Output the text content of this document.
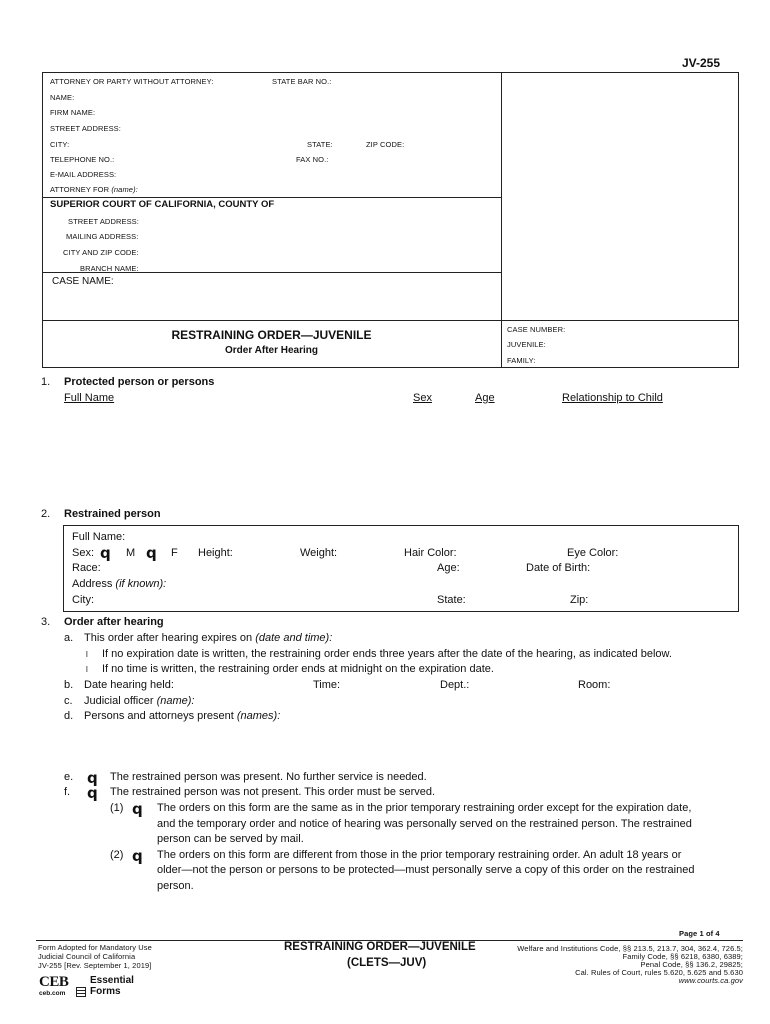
JV-255
ATTORNEY OR PARTY WITHOUT ATTORNEY:	STATE BAR NO.:
NAME:
FIRM NAME:
STREET ADDRESS:
CITY:	STATE:	ZIP CODE:
TELEPHONE NO.:	FAX NO.:
E-MAIL ADDRESS:
ATTORNEY FOR (name):
SUPERIOR COURT OF CALIFORNIA, COUNTY OF
STREET ADDRESS:
MAILING ADDRESS:
CITY AND ZIP CODE:
BRANCH NAME:
CASE NAME:
RESTRAINING ORDER—JUVENILE
Order After Hearing
CASE NUMBER:
JUVENILE:
FAMILY:
1. Protected person or persons
Full Name	Sex	Age	Relationship to Child
2. Restrained person
Full Name:
Sex: q M q F Height:	Weight:	Hair Color:	Eye Color:
Race:	Age:	Date of Birth:
Address (if known):
City:	State:	Zip:
3. Order after hearing
a. This order after hearing expires on (date and time):
l If no expiration date is written, the restraining order ends three years after the date of the hearing, as indicated below.
l If no time is written, the restraining order ends at midnight on the expiration date.
b. Date hearing held:	Time:	Dept.:	Room:
c. Judicial officer (name):
d. Persons and attorneys present (names):
e. q The restrained person was present. No further service is needed.
f. q The restrained person was not present. This order must be served.
(1) q The orders on this form are the same as in the prior temporary restraining order except for the expiration date,
and the temporary order and notice of hearing was personally served on the restrained person. The restrained
person can be served by mail.
(2) q The orders on this form are different from those in the prior temporary restraining order. An adult 18 years or
older—not the person or persons to be protected—must personally serve a copy of this order on the restrained
person.
Page 1 of 4
Form Adopted for Mandatory Use
Judicial Council of California
JV-255 [Rev. September 1, 2019]
RESTRAINING ORDER—JUVENILE
(CLETS—JUV)
Welfare and Institutions Code, §§ 213.5, 213.7, 304, 362.4, 726.5;
Family Code, §§ 6218, 6380, 6389;
Penal Code, §§ 136.2, 29825;
Cal. Rules of Court, rules 5.620, 5.625 and 5.630
www.courts.ca.gov
CEB
ceb.com
Essential
Forms
